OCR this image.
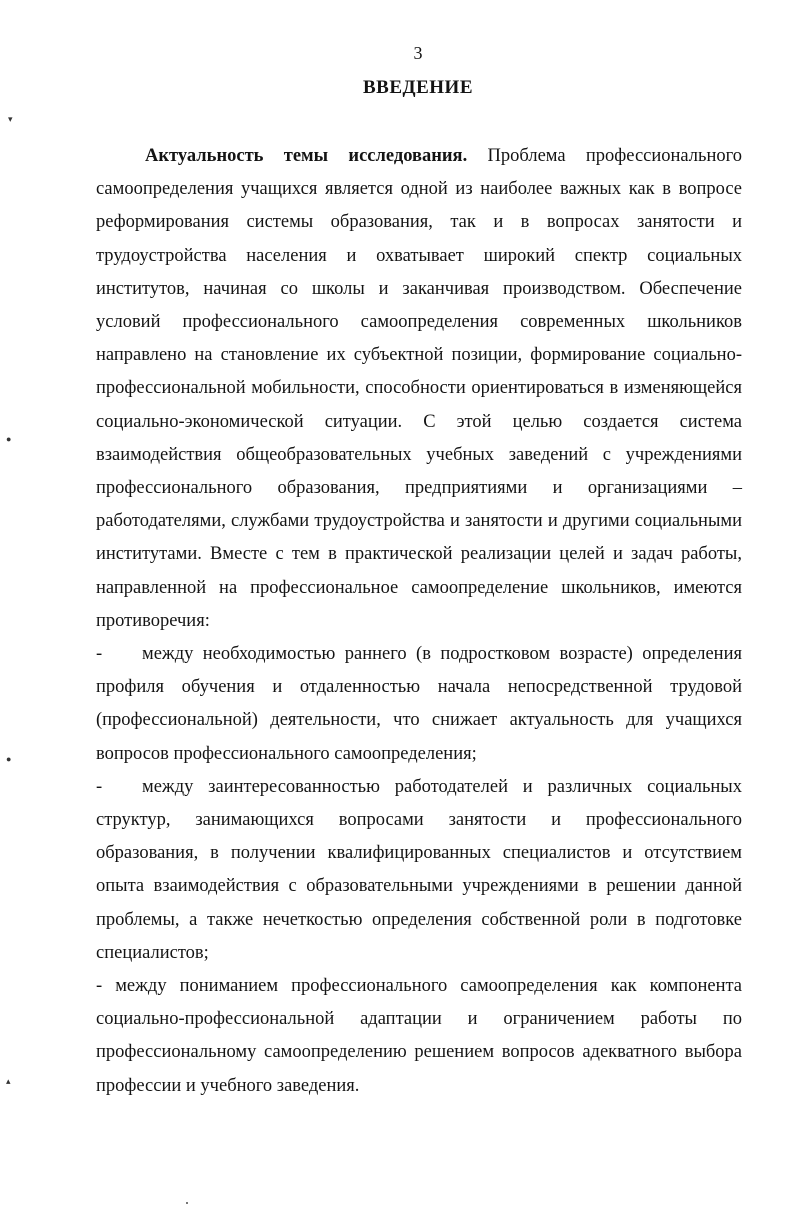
3
ВВЕДЕНИЕ

Актуальность темы исследования. Проблема профессионального самоопределения учащихся является одной из наиболее важных как в вопросе реформирования системы образования, так и в вопросах занятости и трудоустройства населения и охватывает широкий спектр социальных институтов, начиная со школы и заканчивая производством. Обеспечение условий профессионального самоопределения современных школьников направлено на становление их субъектной позиции, формирование социально-профессиональной мобильности, способности ориентироваться в изменяющейся социально-экономической ситуации. С этой целью создается система взаимодействия общеобразовательных учебных заведений с учреждениями профессионального образования, предприятиями и организациями – работодателями, службами трудоустройства и занятости и другими социальными институтами. Вместе с тем в практической реализации целей и задач работы, направленной на профессиональное самоопределение школьников, имеются противоречия:

- между необходимостью раннего (в подростковом возрасте) определения профиля обучения и отдаленностью начала непосредственной трудовой (профессиональной) деятельности, что снижает актуальность для учащихся вопросов профессионального самоопределения;

- между заинтересованностью работодателей и различных социальных структур, занимающихся вопросами занятости и профессионального образования, в получении квалифицированных специалистов и отсутствием опыта взаимодействия с образовательными учреждениями в решении данной проблемы, а также нечеткостью определения собственной роли в подготовке специалистов;

- между пониманием профессионального самоопределения как компонента социально-профессиональной адаптации и ограничением работы по профессиональному самоопределению решением вопросов адекватного выбора профессии и учебного заведения.

▾
●
●
▴
